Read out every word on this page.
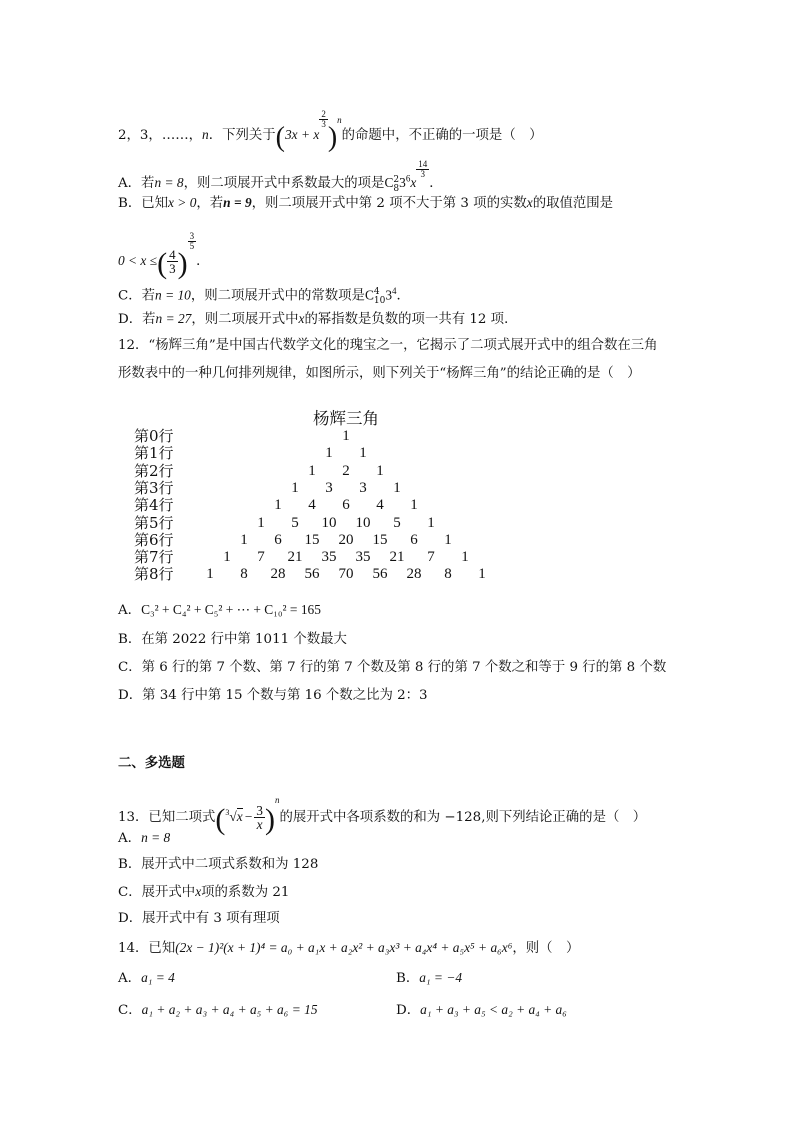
2，3，……，n．下列关于(3x + x
$\frac{2}{3}$
)$^n$的命题中，不正确的一项是（　）
A．若n = 8，则二项展开式中系数最大的项是C 2
8 $3^6x$
$\frac{14}{3}$
．
B．已知x > 0，若n = 9，则二项展开式中第 2 项不大于第 3 项的实数x的取值范围是
0 < x ≤( $\frac{4}{3}$ )
$\frac{3}{5}$
．
C．若n = 10，则二项展开式中的常数项是C 4
10 $3^4$．
D．若n = 27，则二项展开式中x的幂指数是负数的项一共有 12 项．
12．“杨辉三角”是中国古代数学文化的瑰宝之一，它揭示了二项式展开式中的组合数在三角
形数表中的一种几何排列规律，如图所示，则下列关于“杨辉三角”的结论正确的是（　）
杨辉三角
第0行
第1行
第2行
第3行
第4行
第5行
第6行
第7行
第8行
1
1 1
1 2 1
1 3 3 1
1 4 6 4 1
1 5 10 10 5 1
1 6 15 20 15 6 1
1 7 21 35 35 21 7 1
1 8 28 56 70 56 28 8 1
A．C₃² + C₄² + C₅² + ⋯ + C₁₀² = 165
B．在第 2022 行中第 1011 个数最大
C．第 6 行的第 7 个数、第 7 行的第 7 个数及第 8 行的第 7 个数之和等于 9 行的第 8 个数
D．第 34 行中第 15 个数与第 16 个数之比为 2：3
二、多选题
13．已知二项式$(^3√x - \frac{3}{x} )^n$的展开式中各项系数的和为 −128,则下列结论正确的是（　）
A．n = 8
B．展开式中二项式系数和为 128
C．展开式中x项的系数为 21
D．展开式中有 3 项有理项
14．已知(2x − 1)²(x + 1)⁴ = a₀ + a₁x + a₂x² + a₃x³ + a₄x⁴ + a₅x⁵ + a₆x⁶，则（　）
A．a₁ = 4	B．a₁ = −4
C．a₁ + a₂ + a₃ + a₄ + a₅ + a₆ = 15	D．a₁ + a₃ + a₅ < a₂ + a₄ + a₆
